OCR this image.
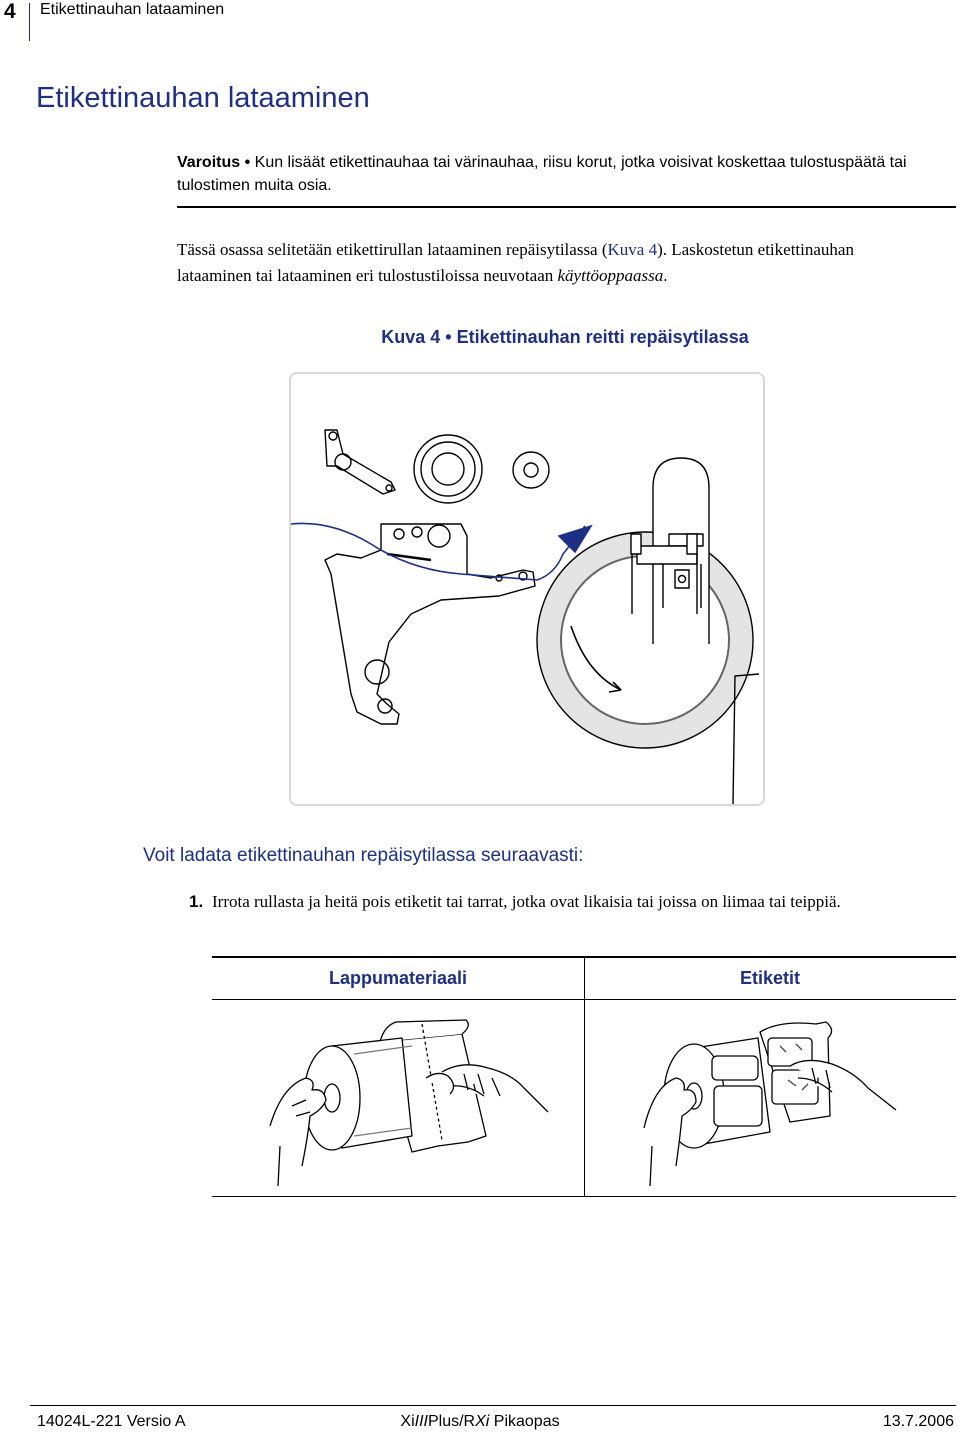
4 Etikettinauhan lataaminen
Etikettinauhan lataaminen
Varoitus • Kun lisäät etikettinauhaa tai värinauhaa, riisu korut, jotka voisivat koskettaa tulostuspäätä tai tulostimen muita osia.
Tässä osassa selitetään etikettirullan lataaminen repäisytilassa (Kuva 4). Laskostetun etikettinauhan lataaminen tai lataaminen eri tulostustiloissa neuvotaan käyttöoppaassa.
Kuva 4 • Etikettinauhan reitti repäisytilassa
Voit ladata etikettinauhan repäisytilassa seuraavasti:
1. Irrota rullasta ja heitä pois etiketit tai tarrat, jotka ovat likaisia tai joissa on liimaa tai teippiä.
Lappumateriaali	Etiketit
14024L-221 Versio A	XiIIIPlus/RXi Pikaopas	13.7.2006
